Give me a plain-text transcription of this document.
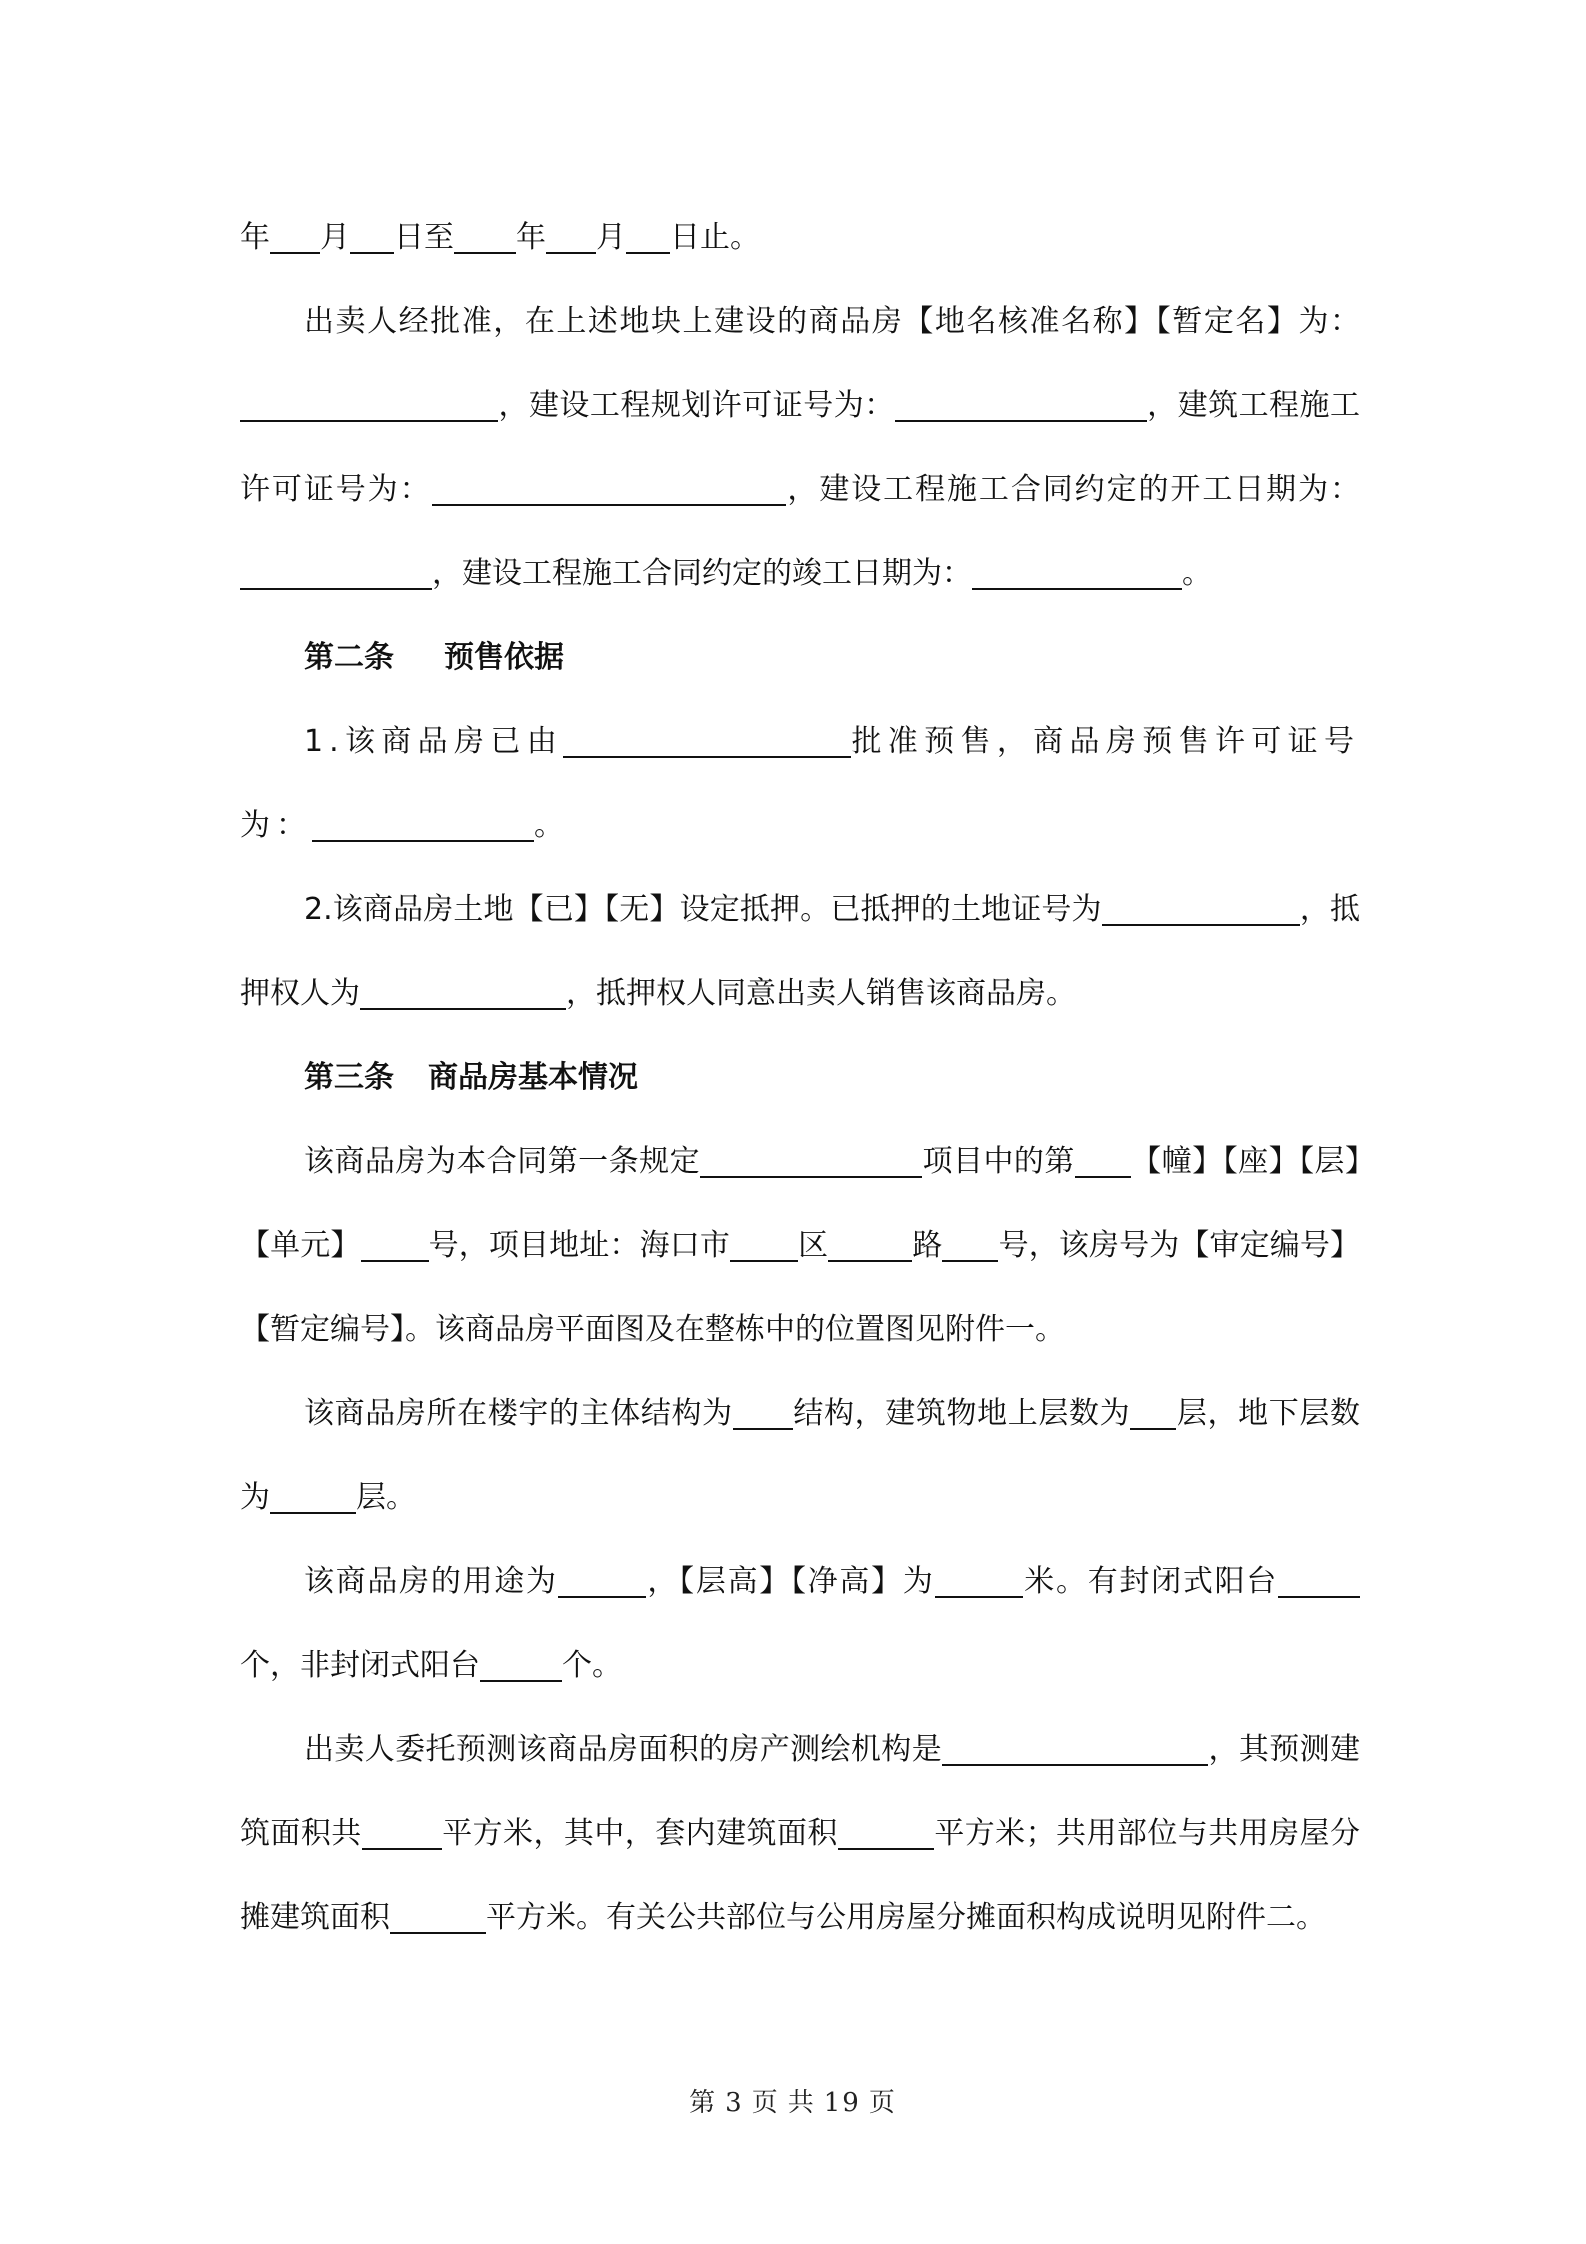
年 月 日至 年 月 日止。

出卖人经批准，在上述地块上建设的商品房【地名核准名称】【暂定名】为：，建设工程规划许可证号为：	，建筑工程施工许可证号为：	，建设工程施工合同约定的开工日期为：，建设工程施工合同约定的竣工日期为：	。

第二条 预售依据

1.该商品房已由	批准预售，商品房预售许可证号为：	。

2.该商品房土地【已】【无】设定抵押。已抵押的土地证号为	，抵押权人为	，抵押权人同意出卖人销售该商品房。

第三条 商品房基本情况

该商品房为本合同第一条规定	项目中的第 【幢】【座】【层】【单元】 号，项目地址：海口市 区	路 号，该房号为【审定编号】【暂定编号】。该商品房平面图及在整栋中的位置图见附件一。

该商品房所在楼宇的主体结构为 结构，建筑物地上层数为 层，地下层数为	层。

该商品房的用途为	，【层高】【净高】为	米。有封闭式阳台个，非封闭式阳台	个。

出卖人委托预测该商品房面积的房产测绘机构是	，其预测建筑面积共	平方米，其中，套内建筑面积	平方米；共用部位与共用房屋分摊建筑面积	平方米。有关公共部位与公用房屋分摊面积构成说明见附件二。

第 3 页 共 19 页
